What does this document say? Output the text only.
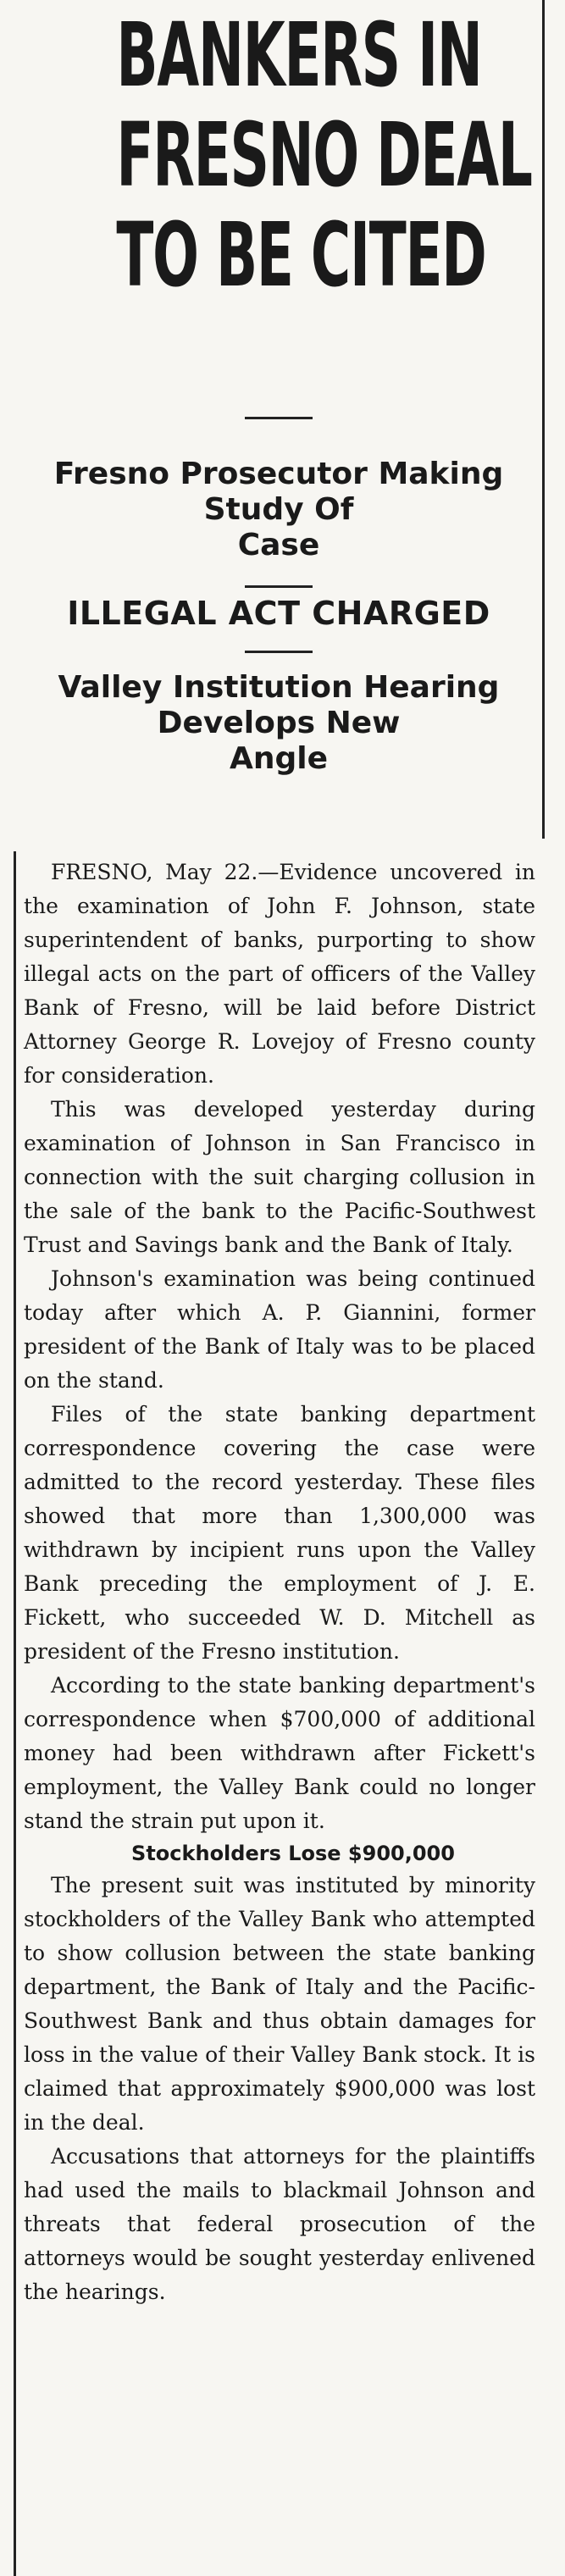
BANKERS IN
FRESNO DEAL
TO BE CITED

Fresno Prosecutor Making

Study Of

Case

ILLEGAL ACT CHARGED

Valley Institution Hearing

Develops New

Angle

FRESNO, May 22.—Evidence uncovered in the examination of John F. Johnson, state superintendent of banks, purporting to show illegal acts on the part of officers of the Valley Bank of Fresno, will be laid before District Attorney George R. Lovejoy of Fresno county for consideration.

This was developed yesterday during examination of Johnson in San Francisco in connection with the suit charging collusion in the sale of the bank to the Pacific-Southwest Trust and Savings bank and the Bank of Italy.

Johnson's examination was being continued today after which A. P. Giannini, former president of the Bank of Italy was to be placed on the stand.

Files of the state banking department correspondence covering the case were admitted to the record yesterday. These files showed that more than 1,300,000 was withdrawn by incipient runs upon the Valley Bank preceding the employment of J. E. Fickett, who succeeded W. D. Mitchell as president of the Fresno institution.

According to the state banking department's correspondence when $700,000 of additional money had been withdrawn after Fickett's employment, the Valley Bank could no longer stand the strain put upon it.

Stockholders Lose $900,000

The present suit was instituted by minority stockholders of the Valley Bank who attempted to show collusion between the state banking department, the Bank of Italy and the Pacific-Southwest Bank and thus obtain damages for loss in the value of their Valley Bank stock. It is claimed that approximately $900,000 was lost in the deal.

Accusations that attorneys for the plaintiffs had used the mails to blackmail Johnson and threats that federal prosecution of the attorneys would be sought yesterday enlivened the hearings.
